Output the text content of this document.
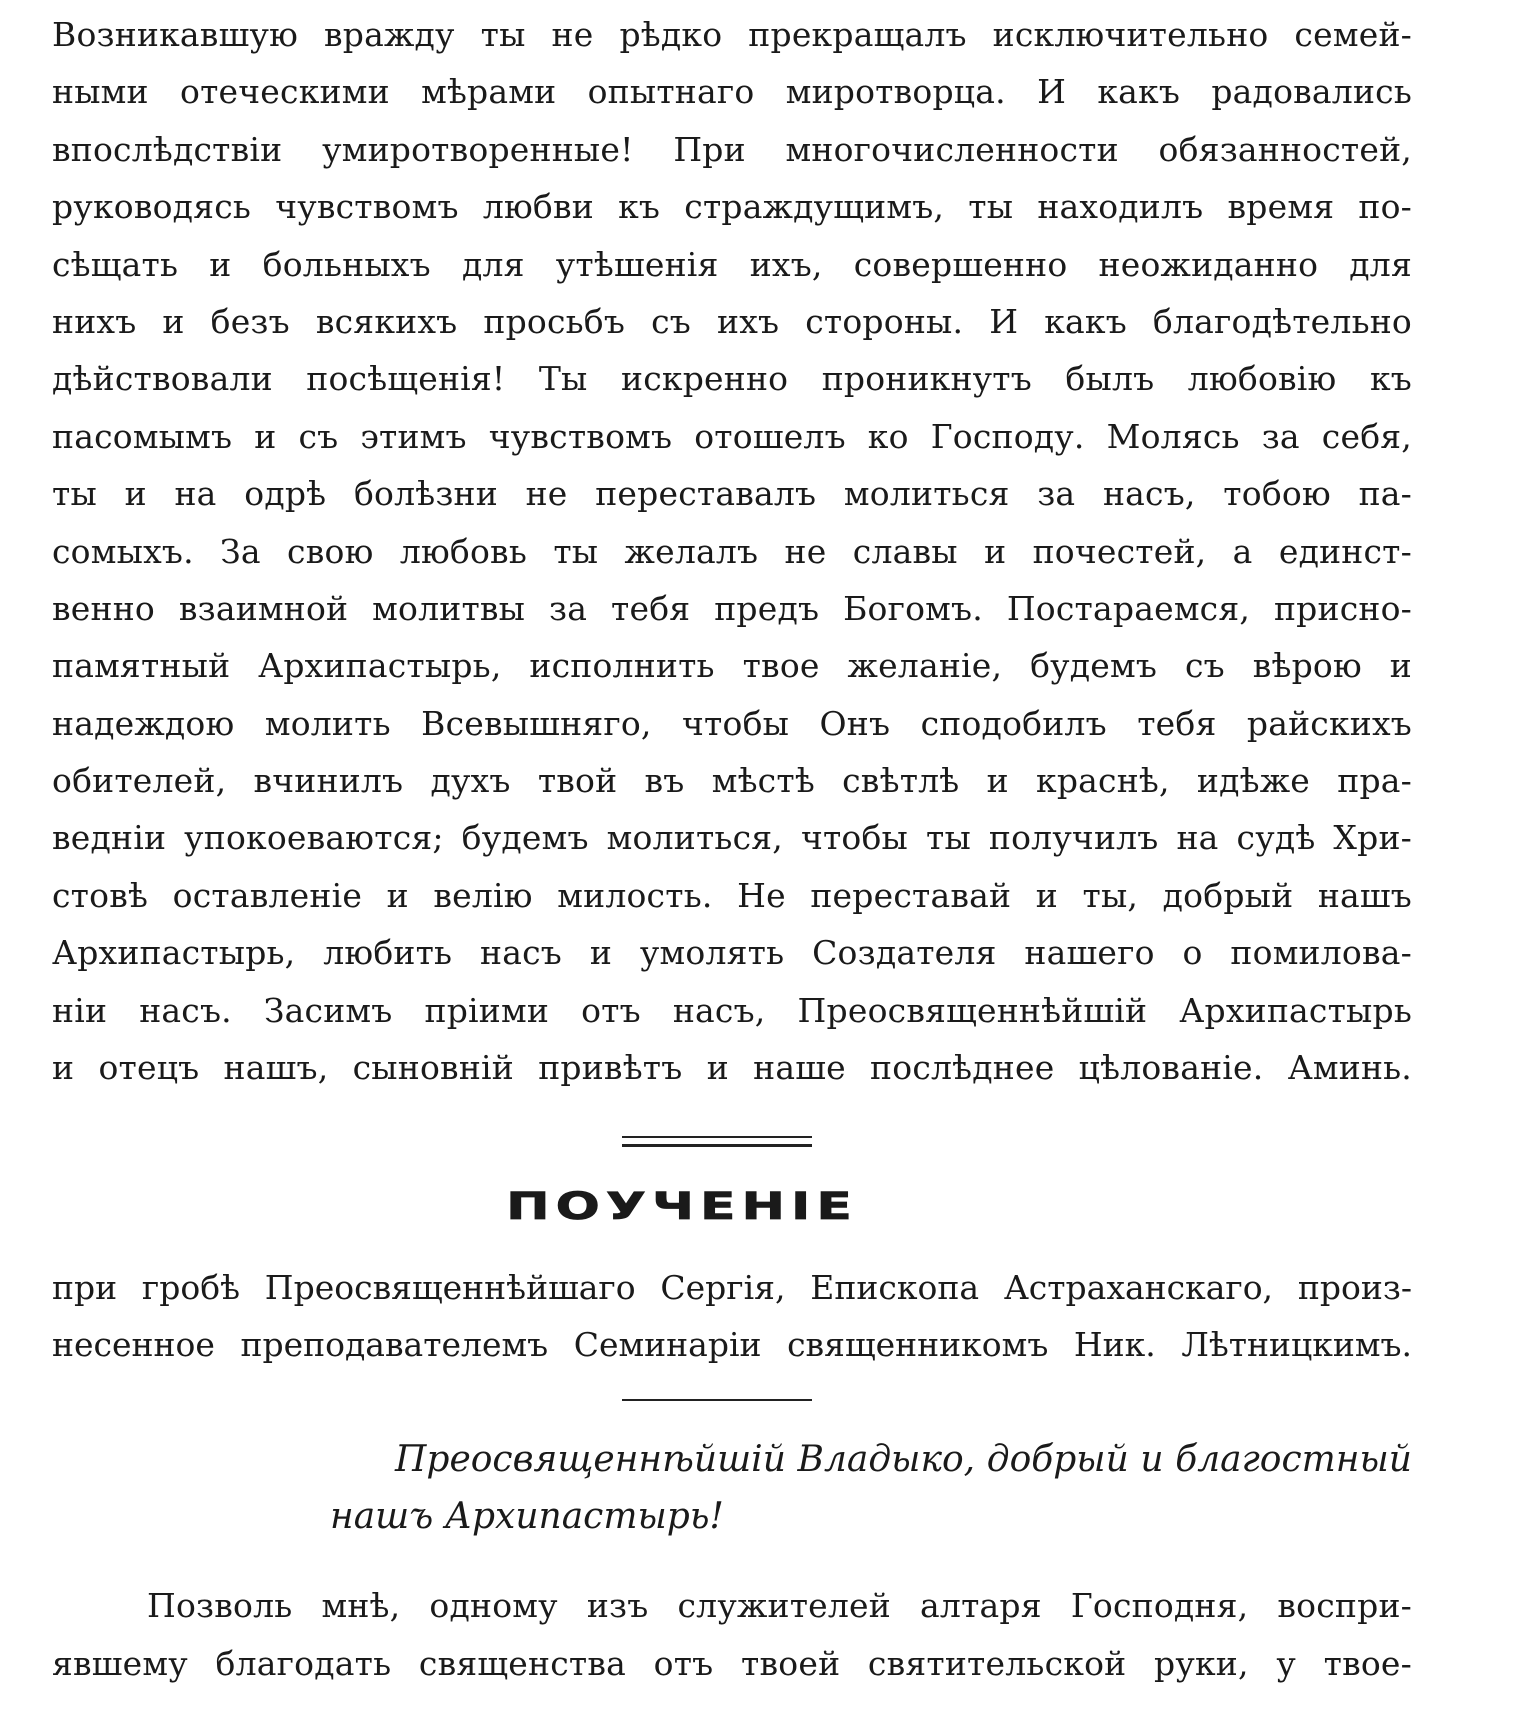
Возникавшую вражду ты не рѣдко прекращалъ исключительно семей-
ными отеческими мѣрами опытнаго миротворца. И какъ радовались
впослѣдствіи умиротворенные! При многочисленности обязанностей,
руководясь чувствомъ любви къ страждущимъ, ты находилъ время по-
сѣщать и больныхъ для утѣшенія ихъ, совершенно неожиданно для
нихъ и безъ всякихъ просьбъ съ ихъ стороны. И какъ благодѣтельно
дѣйствовали посѣщенія! Ты искренно проникнутъ былъ любовію къ
пасомымъ и съ этимъ чувствомъ отошелъ ко Господу. Молясь за себя,
ты и на одрѣ болѣзни не переставалъ молиться за насъ, тобою па-
сомыхъ. За свою любовь ты желалъ не славы и почестей, а единст-
венно взаимной молитвы за тебя предъ Богомъ. Постараемся, присно-
памятный Архипастырь, исполнить твое желаніе, будемъ съ вѣрою и
надеждою молить Всевышняго, чтобы Онъ сподобилъ тебя райскихъ
обителей, вчинилъ духъ твой въ мѣстѣ свѣтлѣ и краснѣ, идѣже пра-
ведніи упокоеваются; будемъ молиться, чтобы ты получилъ на судѣ Хри-
стовѣ оставленіе и велію милость. Не переставай и ты, добрый нашъ
Архипастырь, любить насъ и умолять Создателя нашего о помилова-
ніи насъ. Засимъ пріими отъ насъ, Преосвященнѣйшій Архипастырь
и отецъ нашъ, сыновній привѣтъ и наше послѣднее цѣлованіе. Аминь.
ПОУЧЕНІЕ
при гробѣ Преосвященнѣйшаго Сергія, Епископа Астраханскаго, произ-
несенное преподавателемъ Семинаріи священникомъ Ник. Лѣтницкимъ.
Преосвященнѣйшій Владыко, добрый и благостный
нашъ Архипастырь!
Позволь мнѣ, одному изъ служителей алтаря Господня, воспри-
явшему благодать священства отъ твоей святительской руки, у твое-
